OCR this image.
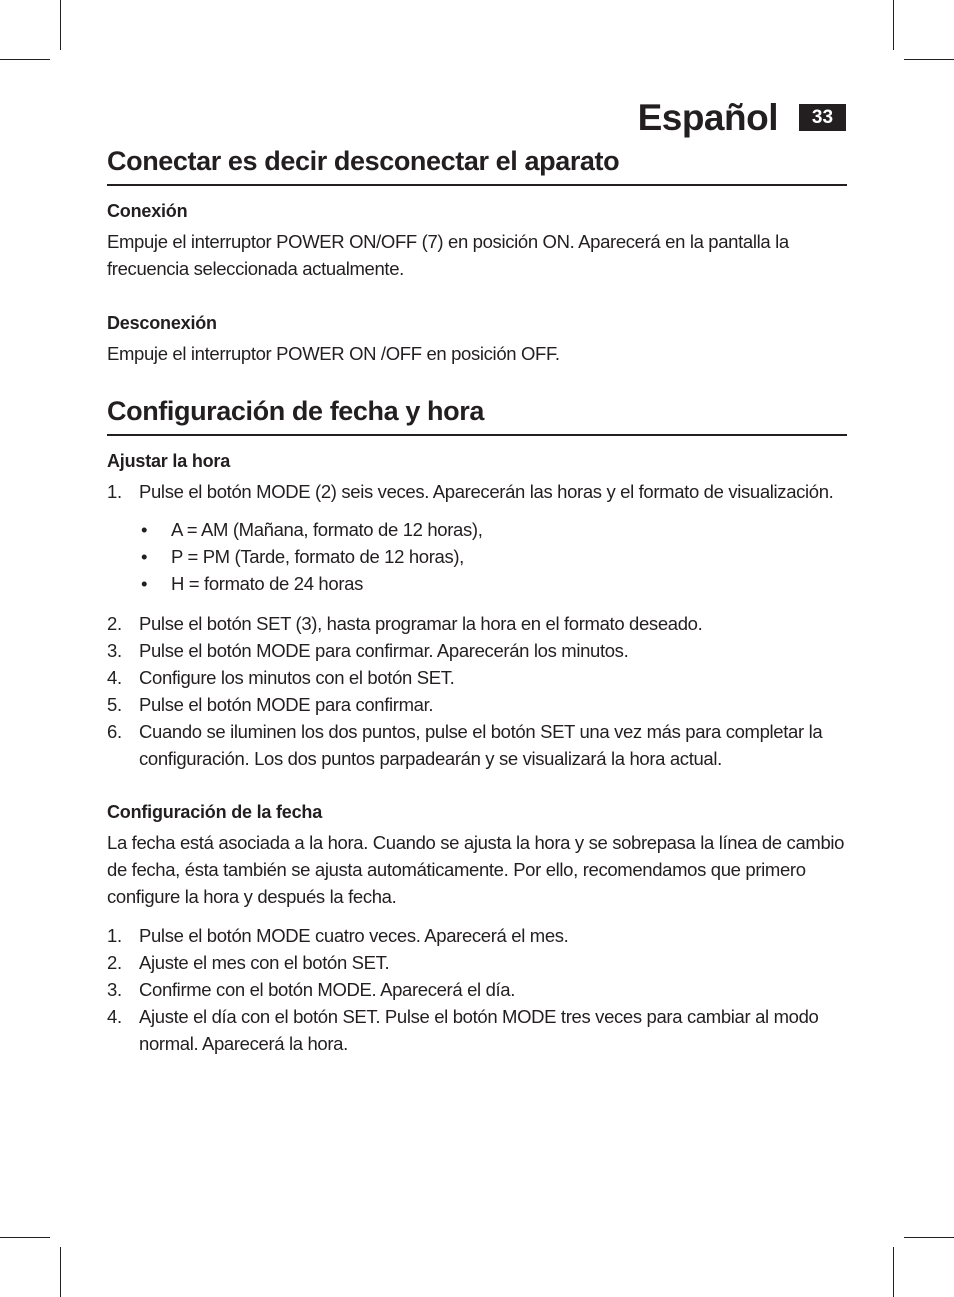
Español	33
Conectar es decir desconectar el aparato
Conexión
Empuje el interruptor POWER ON/OFF (7) en posición ON. Aparecerá en la pantalla la frecuencia seleccionada actualmente.
Desconexión
Empuje el interruptor POWER ON /OFF en posición OFF.
Configuración de fecha y hora
Ajustar la hora
1. Pulse el botón MODE (2) seis veces. Aparecerán las horas y el formato de visualización.
• A = AM (Mañana, formato de 12 horas),
• P = PM (Tarde, formato de 12 horas),
• H = formato de 24 horas
2. Pulse el botón SET (3), hasta programar la hora en el formato deseado.
3. Pulse el botón MODE para confirmar. Aparecerán los minutos.
4. Configure los minutos con el botón SET.
5. Pulse el botón MODE para confirmar.
6. Cuando se iluminen los dos puntos, pulse el botón SET una vez más para completar la configuración. Los dos puntos parpadearán y se visualizará la hora actual.
Configuración de la fecha
La fecha está asociada a la hora. Cuando se ajusta la hora y se sobrepasa la línea de cambio de fecha, ésta también se ajusta automáticamente. Por ello, recomendamos que primero configure la hora y después la fecha.
1. Pulse el botón MODE cuatro veces. Aparecerá el mes.
2. Ajuste el mes con el botón SET.
3. Confirme con el botón MODE. Aparecerá el día.
4. Ajuste el día con el botón SET. Pulse el botón MODE tres veces para cambiar al modo normal. Aparecerá la hora.
